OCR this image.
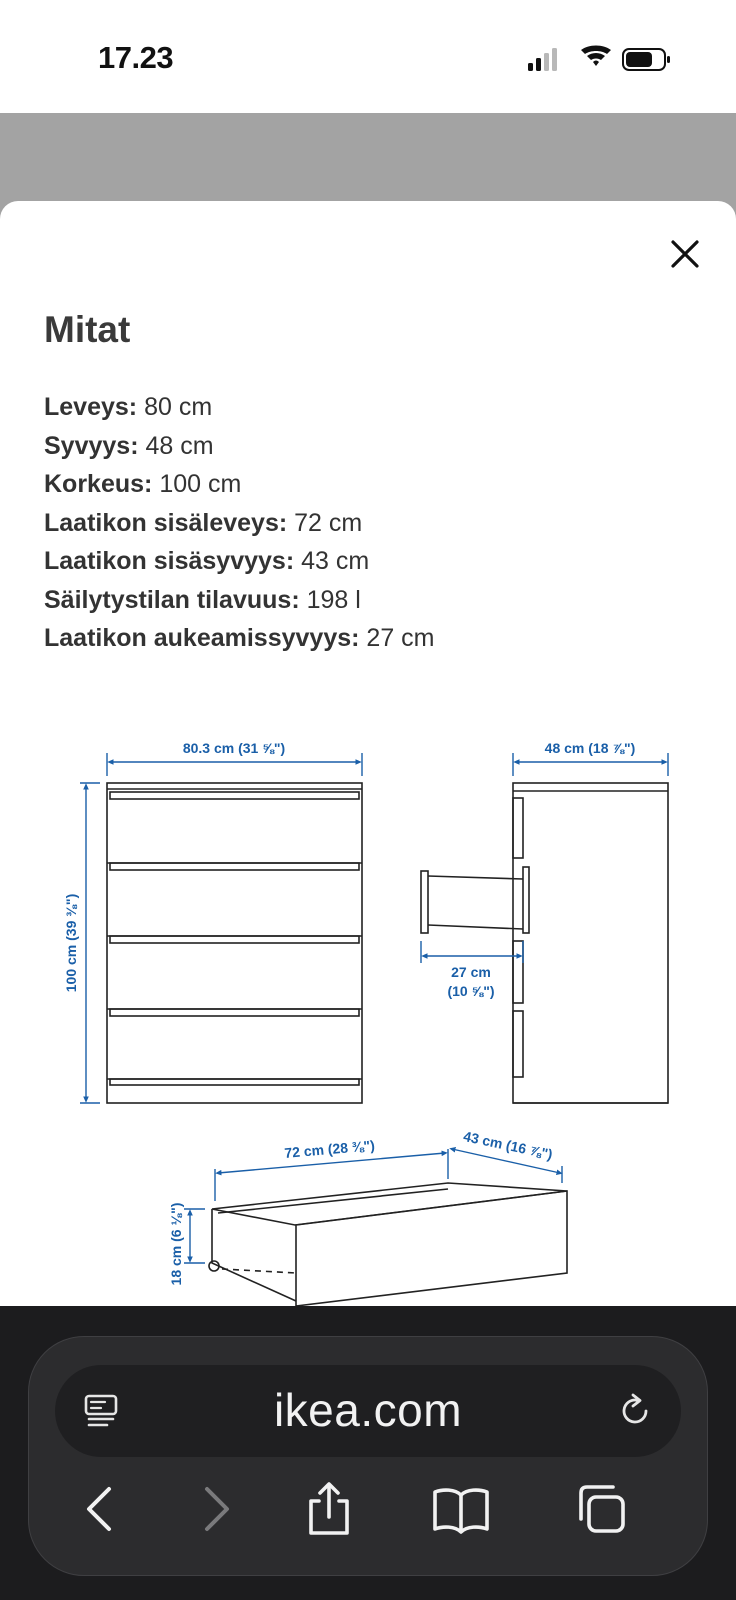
17.23
Mitat
Leveys: 80 cm
Syvyys: 48 cm
Korkeus: 100 cm
Laatikon sisäleveys: 72 cm
Laatikon sisäsyvyys: 43 cm
Säilytystilan tilavuus: 198 l
Laatikon aukeamissyvyys: 27 cm
80.3 cm (31 ⅝")
100 cm (39 ⅜")
48 cm (18 ⅞")
27 cm
(10 ⅝")
72 cm (28 ⅜")	43 cm (16 ⅞")
18 cm (6 ⅛")
ikea.com
